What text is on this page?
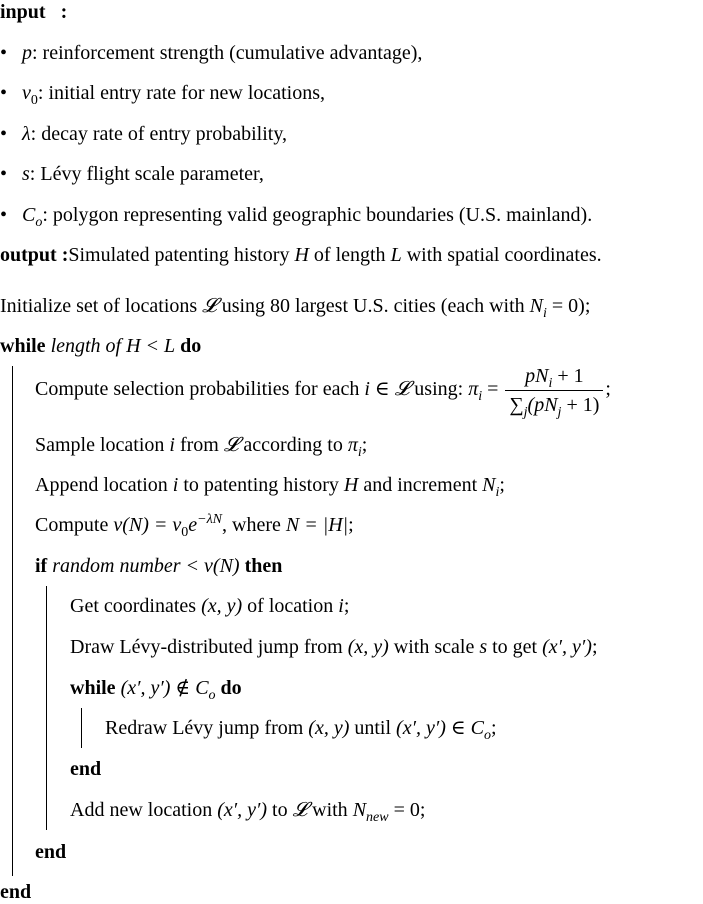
input :
• p: reinforcement strength (cumulative advantage),
• $\nu_0$: initial entry rate for new locations,
• λ: decay rate of entry probability,
• s: Lévy flight scale parameter,
• $C_o$: polygon representing valid geographic boundaries (U.S. mainland).
output :Simulated patenting history H of length L with spatial coordinates.
Initialize set of locations 𝓛 using 80 largest U.S. cities (each with $N_i = 0$);
while length of H < L do
Compute selection probabilities for each i ∈ 𝓛 using: $\pi_i = \frac{pN_i + 1}{\sum_j(pN_j + 1)}$ ;
Sample location i from 𝓛 according to $\pi_i$;
Append location i to patenting history H and increment $N_i$;
Compute $\nu(N) = \nu_0e^{-\lambda N}$, where N = |H|;
if random number < ν(N) then
Get coordinates (x, y) of location i;
Draw Lévy-distributed jump from (x, y) with scale s to get (x′, y′);
while (x′, y′) ∉ $C_o$ do
Redraw Lévy jump from (x, y) until (x′, y′) ∈ $C_o$;
end
Add new location (x′, y′) to 𝓛 with $N_{new} = 0$;
end
end
